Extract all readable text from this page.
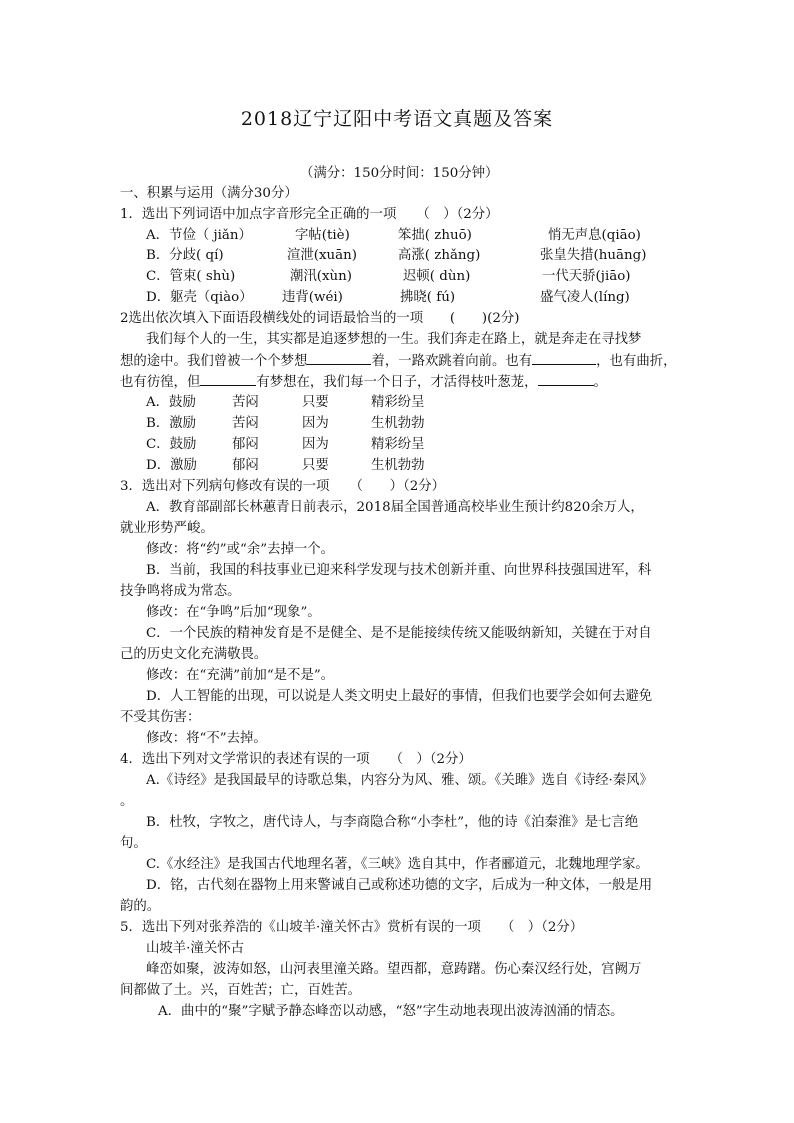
2018辽宁辽阳中考语文真题及答案
（满分：150分时间：150分钟）
一、积累与运用（满分30分）
1．选出下列词语中加点字音形完全正确的一项　　（　）（2分）
A．节俭（ jiǎn）	字帖(tiè)	笨拙( zhuō)	悄无声息(qiāo)
B．分歧( qí)	渲泄(xuān)	高涨( zhǎng)	张皇失措(huāng)
C．管束( shù)	潮汛(xùn)	迟顿( dùn)	一代天骄(jiāo)
D．躯壳（qiào） 违背(wéi)	拂晓( fú)	盛气凌人(líng)
2选出依次填入下面语段横线处的词语最恰当的一项　　(　　)(2分)
我们每个人的一生，其实都是追逐梦想的一生。我们奔走在路上，就是奔走在寻找梦
想的途中。我们曾被一个个梦想	着，一路欢跳着向前。也有	，也有曲折，
也有彷徨，但	有梦想在，我们每一个日子，才活得枝叶葱茏，	。
A．鼓励	苦闷	只要	精彩纷呈
B．激励	苦闷	因为	生机勃勃
C．鼓励	郁闷	因为	精彩纷呈
D．激励	郁闷	只要	生机勃勃
3．选出对下列病句修改有误的一项　　（　　）（2分）
A．教育部副部长林蕙青日前表示，2018届全国普通高校毕业生预计约820余万人，
就业形势严峻。
修改：将“约”或“余”去掉一个。
B．当前，我国的科技事业已迎来科学发现与技术创新并重、向世界科技强国进军，科
技争鸣将成为常态。
修改：在“争鸣”后加“现象”。
C．一个民族的精神发育是不是健全、是不是能接续传统又能吸纳新知，关键在于对自
己的历史文化充满敬畏。
修改：在“充满”前加“是不是”。
D．人工智能的出现，可以说是人类文明史上最好的事情，但我们也要学会如何去避免
不受其伤害：
修改：将“不”去掉。
4．选出下列对文学常识的表述有误的一项　　（　）（2分）
A.《诗经》是我国最早的诗歌总集，内容分为风、雅、颂。《关雎》选自《诗经·秦风》
。
B．杜牧，字牧之，唐代诗人，与李商隐合称“小李杜”，他的诗《泊秦淮》是七言绝
句。
C.《水经注》是我国古代地理名著，《三峡》选自其中，作者郦道元，北魏地理学家。
D．铭，古代刻在器物上用来警诫自己或称述功德的文字，后成为一种文体，一般是用
韵的。
5．选出下列对张养浩的《山坡羊·潼关怀古》赏析有误的一项　　（　）（2分）
山坡羊·潼关怀古
峰峦如聚，波涛如怒，山河表里潼关路。望西都，意踌躇。伤心秦汉经行处，宫阙万
间都做了土。兴，百姓苦；亡，百姓苦。
A．曲中的“聚”字赋予静态峰峦以动感，“怒”字生动地表现出波涛汹涌的情态。
